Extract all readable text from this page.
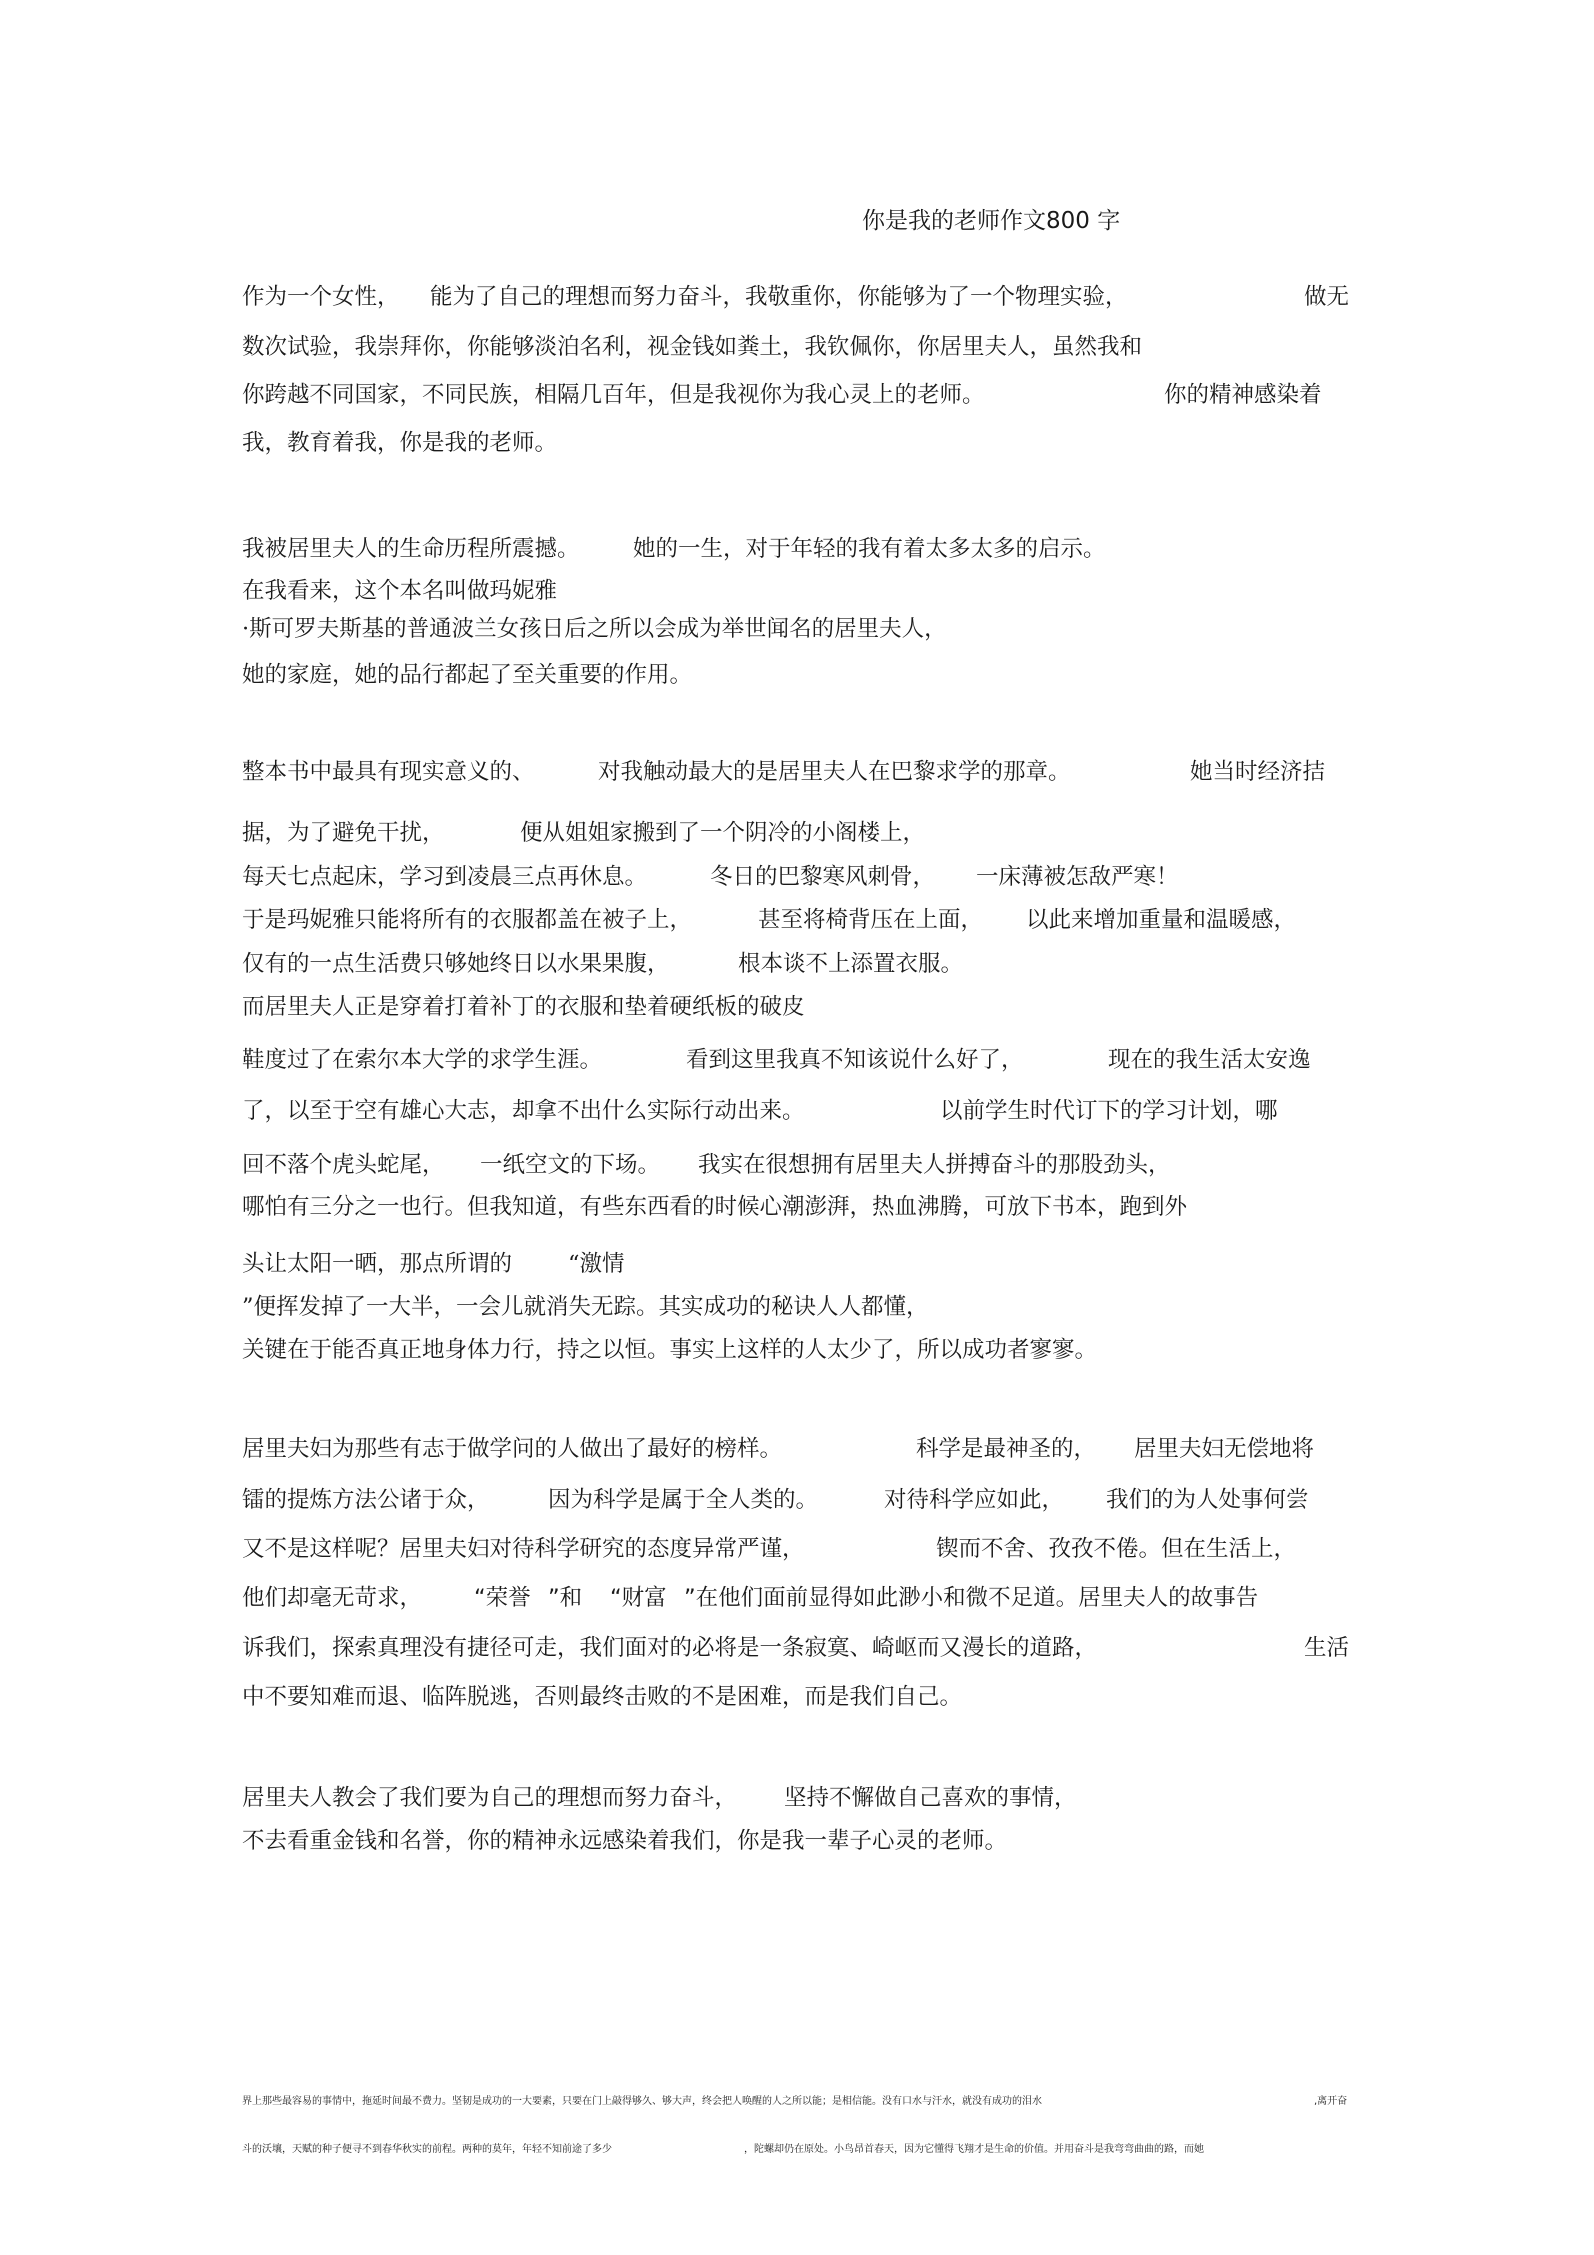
你是我的老师作文800 字
作为一个女性， 能为了自己的理想而努力奋斗，我敬重你，你能够为了一个物理实验，	做无
数次试验，我崇拜你，你能够淡泊名利，视金钱如粪土，我钦佩你，你居里夫人，虽然我和
你跨越不同国家，不同民族，相隔几百年，但是我视你为我心灵上的老师。	你的精神感染着
我，教育着我，你是我的老师。
我被居里夫人的生命历程所震撼。 她的一生，对于年轻的我有着太多太多的启示。
在我看来，这个本名叫做玛妮雅
·斯可罗夫斯基的普通波兰女孩日后之所以会成为举世闻名的居里夫人，
她的家庭，她的品行都起了至关重要的作用。
整本书中最具有现实意义的、	对我触动最大的是居里夫人在巴黎求学的那章。	她当时经济拮
据，为了避免干扰，	便从姐姐家搬到了一个阴冷的小阁楼上，
每天七点起床，学习到凌晨三点再休息。	冬日的巴黎寒风刺骨， 一床薄被怎敌严寒！
于是玛妮雅只能将所有的衣服都盖在被子上，	甚至将椅背压在上面， 以此来增加重量和温暖感，
仅有的一点生活费只够她终日以水果果腹，	根本谈不上添置衣服。
而居里夫人正是穿着打着补丁的衣服和垫着硬纸板的破皮
鞋度过了在索尔本大学的求学生涯。	看到这里我真不知该说什么好了，	现在的我生活太安逸
了，以至于空有雄心大志，却拿不出什么实际行动出来。	以前学生时代订下的学习计划，哪
回不落个虎头蛇尾， 一纸空文的下场。 我实在很想拥有居里夫人拼搏奋斗的那股劲头，
哪怕有三分之一也行。但我知道，有些东西看的时候心潮澎湃，热血沸腾，可放下书本，跑到外
头让太阳一晒，那点所谓的 “激情
”便挥发掉了一大半，一会儿就消失无踪。其实成功的秘诀人人都懂，
关键在于能否真正地身体力行，持之以恒。事实上这样的人太少了，所以成功者寥寥。
居里夫妇为那些有志于做学问的人做出了最好的榜样。	科学是最神圣的， 居里夫妇无偿地将
镭的提炼方法公诸于众，	因为科学是属于全人类的。	对待科学应如此， 我们的为人处事何尝
又不是这样呢？居里夫妇对待科学研究的态度异常严谨，	锲而不舍、孜孜不倦。但在生活上，
他们却毫无苛求， “荣誉 ”和 “财富 ”在他们面前显得如此渺小和微不足道。居里夫人的故事告
诉我们，探索真理没有捷径可走，我们面对的必将是一条寂寞、崎岖而又漫长的道路，	生活
中不要知难而退、临阵脱逃，否则最终击败的不是困难，而是我们自己。
居里夫人教会了我们要为自己的理想而努力奋斗， 坚持不懈做自己喜欢的事情，
不去看重金钱和名誉，你的精神永远感染着我们，你是我一辈子心灵的老师。
界上那些最容易的事情中，拖延时间最不费力。坚韧是成功的一大要素，只要在门上敲得够久、够大声，终会把人唤醒的人之所以能；是相信能。没有口水与汗水，就没有成功的泪水	,离开奋
斗的沃壤，天赋的种子便寻不到春华秋实的前程。两种的莫年，年轻不知前途了多少	，陀螺却仍在原处。小鸟昂首春天，因为它懂得飞翔才是生命的价值。并用奋斗是我弯弯曲曲的路，而她
